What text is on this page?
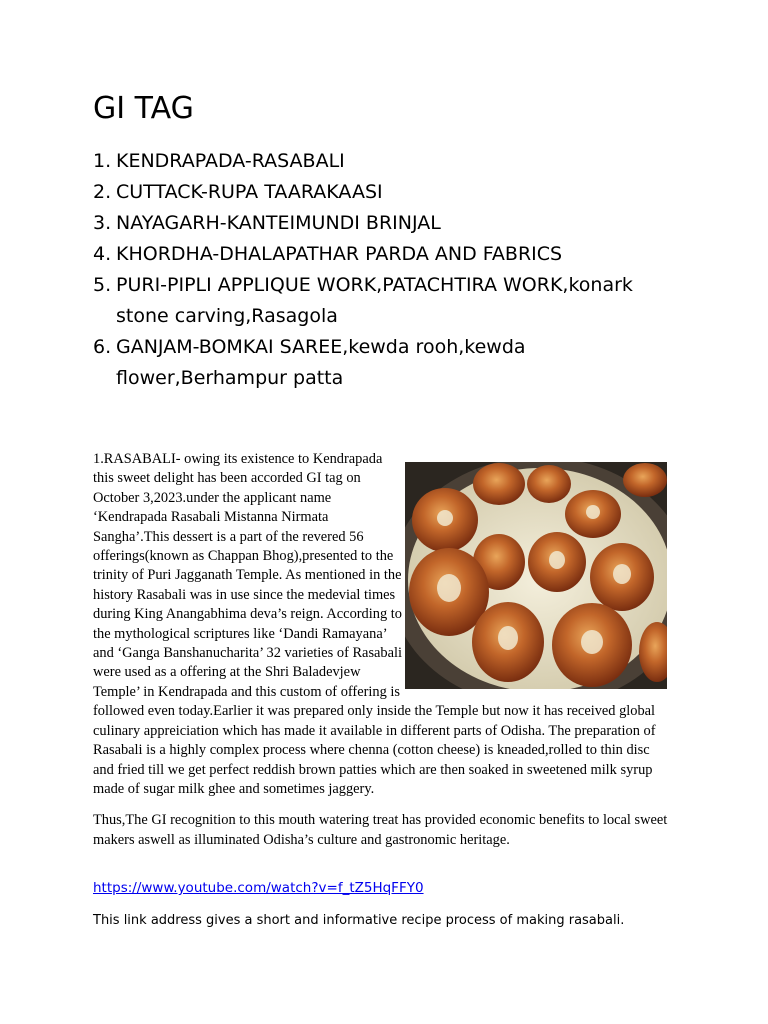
GI TAG
1. KENDRAPADA-RASABALI
2. CUTTACK-RUPA TAARAKAASI
3. NAYAGARH-KANTEIMUNDI BRINJAL
4. KHORDHA-DHALAPATHAR PARDA AND FABRICS
5. PURI-PIPLI APPLIQUE WORK,PATACHTIRA WORK,konark stone carving,Rasagola
6. GANJAM-BOMKAI SAREE,kewda rooh,kewda flower,Berhampur patta

1.RASABALI- owing its existence to Kendrapada this sweet delight has been accorded GI tag on October 3,2023.under the applicant name ‘Kendrapada Rasabali Mistanna Nirmata Sangha’.This dessert is a part of the revered 56 offerings(known as Chappan Bhog),presented to the trinity of Puri Jagganath Temple. As mentioned in the history Rasabali was in use since the medevial times during King Anangabhima deva’s reign. According to the mythological scriptures like ‘Dandi Ramayana’ and ‘Ganga Banshanucharita’ 32 varieties of Rasabali were used as a offering at the Shri Baladevjew Temple’ in Kendrapada and this custom of offering is followed even today.Earlier it was prepared only inside the Temple but now it has received global culinary appreiciation which has made it available in different parts of Odisha. The preparation of Rasabali is a highly complex process where chenna (cotton cheese) is kneaded,rolled to thin disc and fried till we get perfect reddish brown patties which are then soaked in sweetened milk syrup made of sugar milk ghee and sometimes jaggery.

Thus,The GI recognition to this mouth watering treat has provided economic benefits to local sweet makers aswell as illuminated Odisha’s culture and gastronomic heritage.

https://www.youtube.com/watch?v=f_tZ5HqFFY0
This link address gives a short and informative recipe process of making rasabali.
